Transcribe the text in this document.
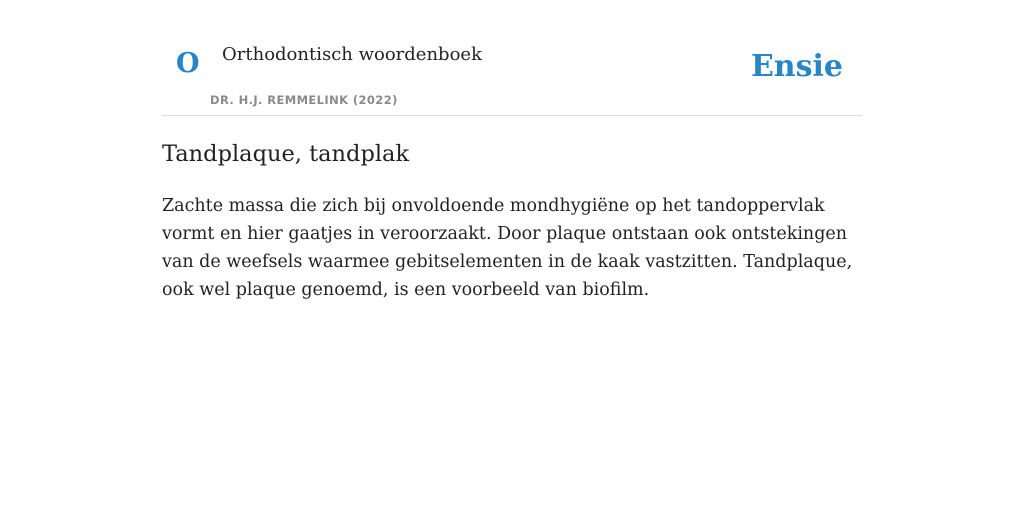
O Orthodontisch woordenboek
DR. H.J. REMMELINK (2022)
Ensie
Tandplaque, tandplak

Zachte massa die zich bij onvoldoende mondhygiëne op het tandoppervlak vormt en hier gaatjes in veroorzaakt. Door plaque ontstaan ook ontstekingen van de weefsels waarmee gebitselementen in de kaak vastzitten. Tandplaque, ook wel plaque genoemd, is een voorbeeld van biofilm.
